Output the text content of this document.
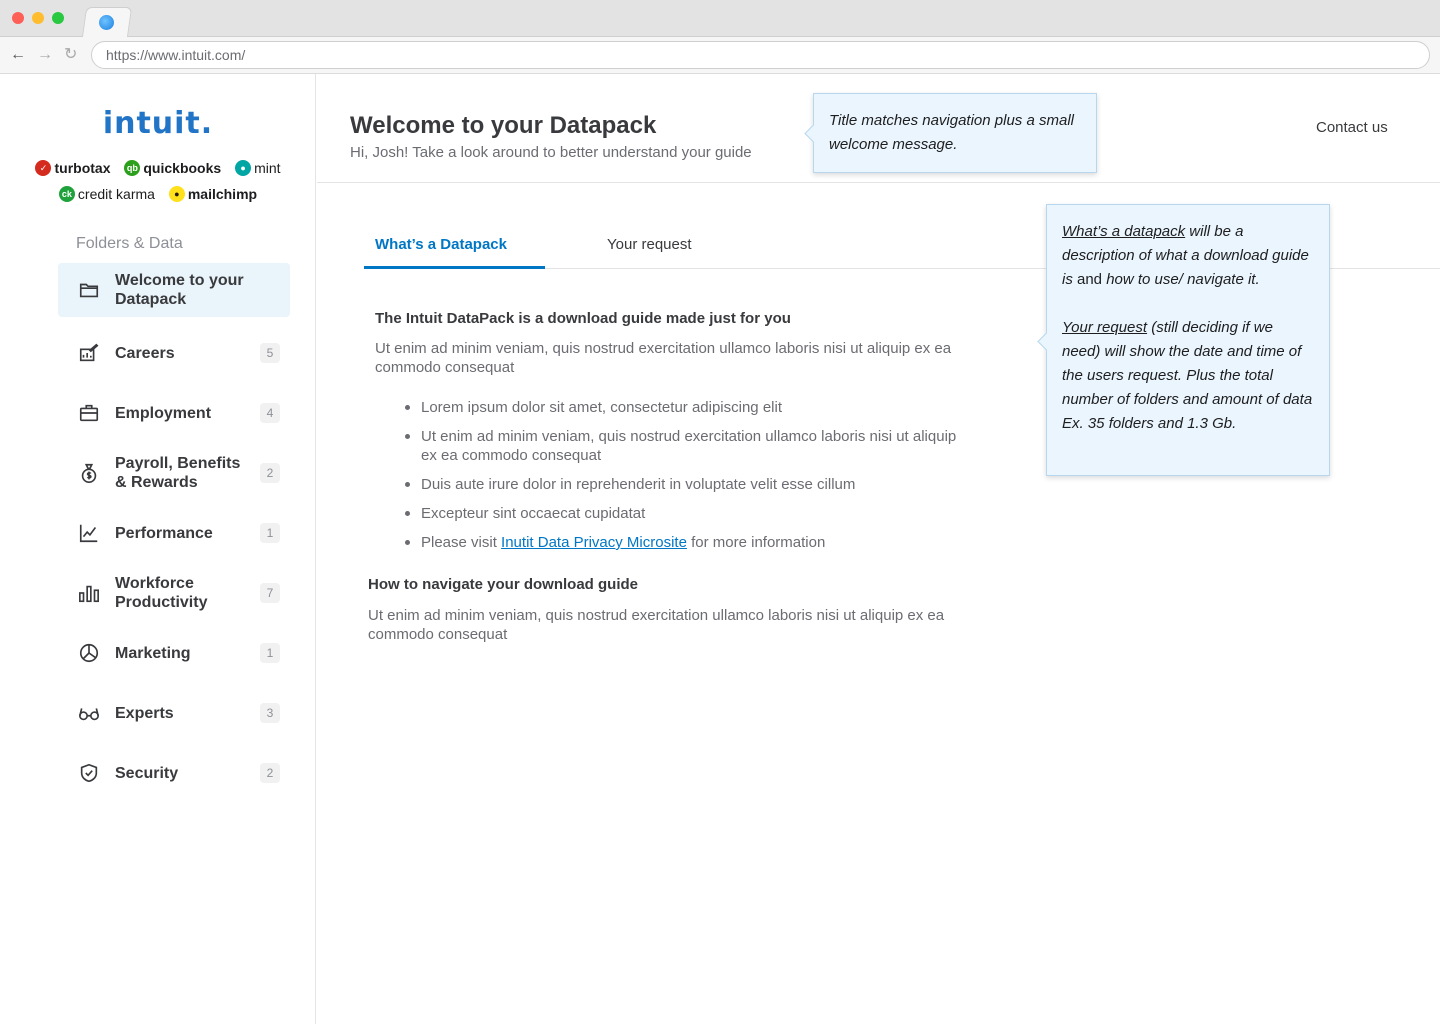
← → ↻	https://www.intuit.com/
intuit.
✓ turbotax
qb quickbooks
	● mint
ck credit karma
	● mailchimp
Folders & Data
Welcome to your Datapack
Careers	5
Employment	4
Payroll, Benefits & Rewards
2
Performance	1
Workforce Productivity
7
Marketing	1
Experts	3
Security	2
Welcome to your Datapack
Hi, Josh! Take a look around to better understand your guide
Contact us
What’s a Datapack	Your request
The Intuit DataPack is a download guide made just for you

Ut enim ad minim veniam, quis nostrud exercitation ullamco laboris nisi ut aliquip ex ea commodo consequat

Lorem ipsum dolor sit amet, consectetur adipiscing elit
Ut enim ad minim veniam, quis nostrud exercitation ullamco laboris nisi ut aliquip ex ea commodo consequat
Duis aute irure dolor in reprehenderit in voluptate velit esse cillum
Excepteur sint occaecat cupidatat
Please visit Inutit Data Privacy Microsite for more information
How to navigate your download guide

Ut enim ad minim veniam, quis nostrud exercitation ullamco laboris nisi ut aliquip ex ea commodo consequat

Title matches navigation plus a small welcome message.
What’s a datapack will be a description of what a download guide is and how to use/ navigate it.
Your request (still deciding if we need) will show the date and time of the users request. Plus the total number of folders and amount of data Ex. 35 folders and 1.3 Gb.
